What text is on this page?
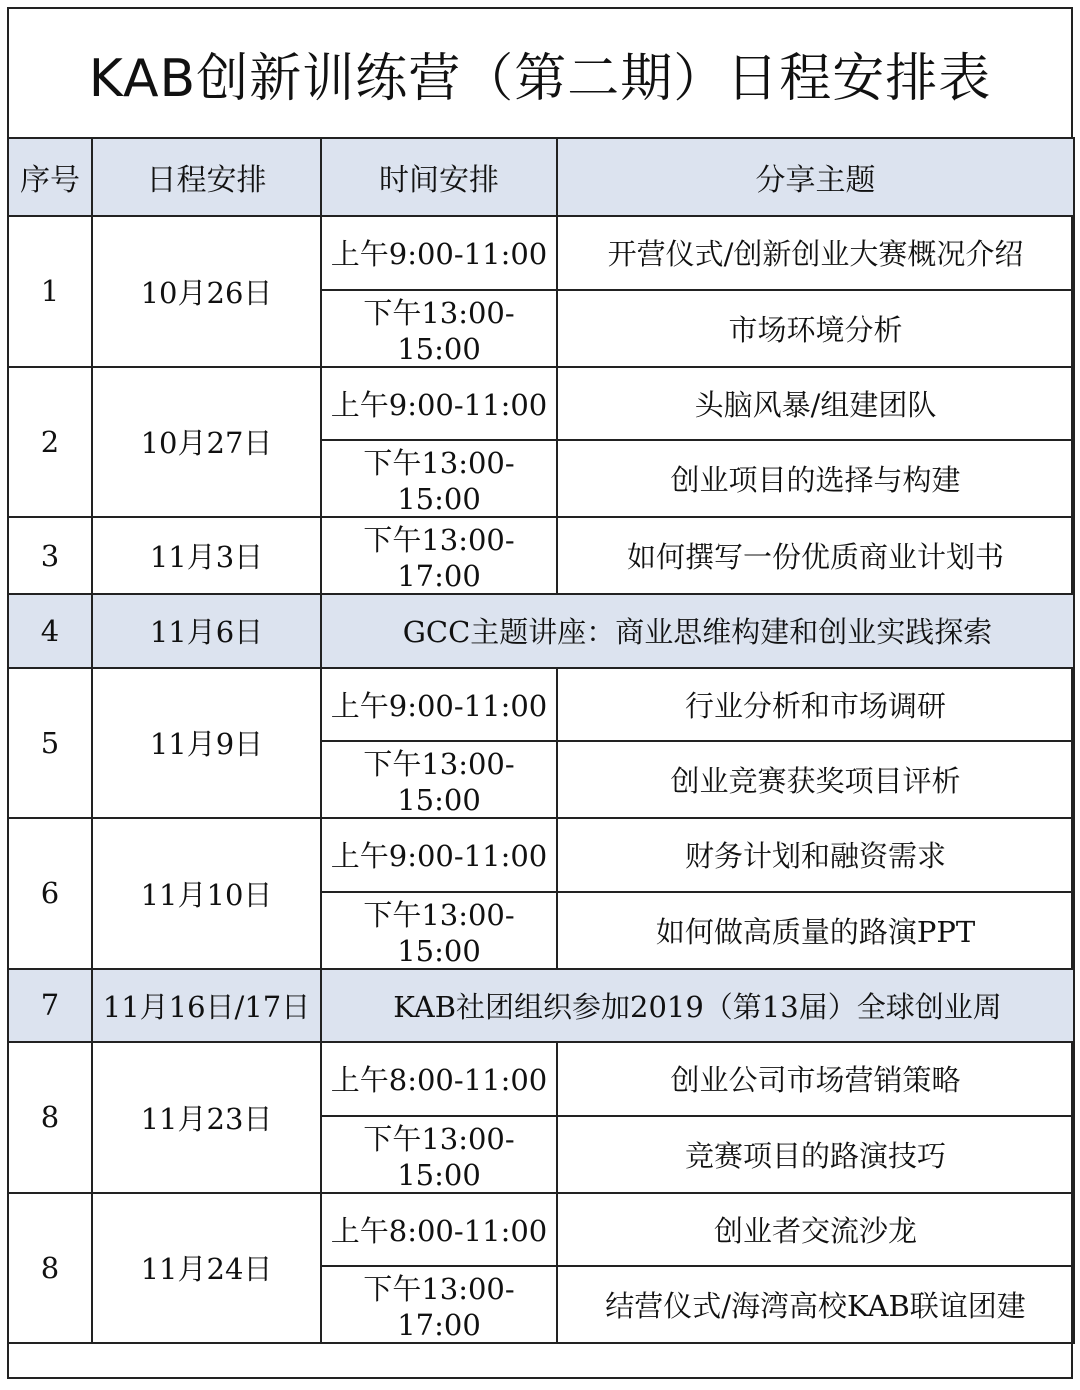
KAB创新训练营（第二期）日程安排表
序号	日程安排	时间安排	分享主题
1	10月26日	上午9:00-11:00	开营仪式/创新创业大赛概况介绍
		下午13:00-15:00	市场环境分析
2	10月27日	上午9:00-11:00	头脑风暴/组建团队
		下午13:00-15:00	创业项目的选择与构建
3	11月3日	下午13:00-17:00	如何撰写一份优质商业计划书
4	11月6日	GCC主题讲座：商业思维构建和创业实践探索	
5	11月9日	上午9:00-11:00	行业分析和市场调研
		下午13:00-15:00	创业竞赛获奖项目评析
6	11月10日	上午9:00-11:00	财务计划和融资需求
		下午13:00-15:00	如何做高质量的路演PPT
7	11月16日/17日	KAB社团组织参加2019（第13届）全球创业周	
8	11月23日	上午8:00-11:00	创业公司市场营销策略
		下午13:00-15:00	竞赛项目的路演技巧
8	11月24日	上午8:00-11:00	创业者交流沙龙
		下午13:00-17:00	结营仪式/海湾高校KAB联谊团建
